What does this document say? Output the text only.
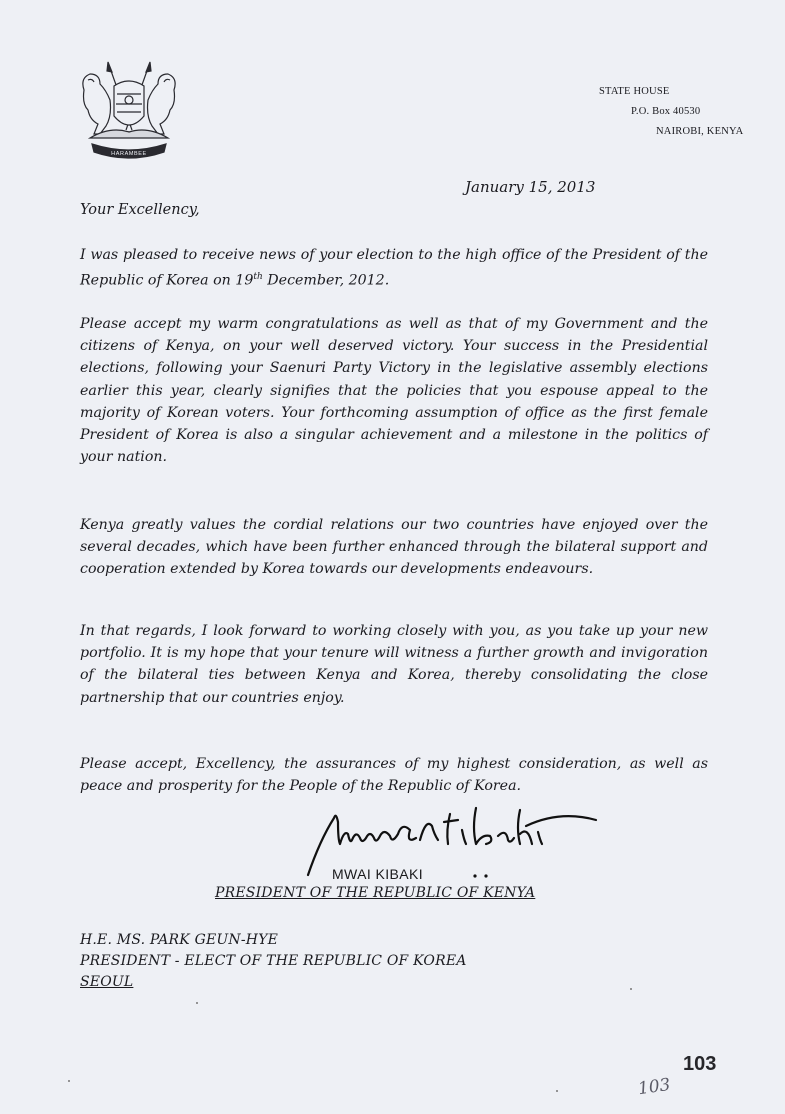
HARAMBEE
STATE HOUSE
P.O. Box 40530
NAIROBI, KENYA
January 15, 2013
Your Excellency,

I was pleased to receive news of your election to the high office of the President of the Republic of Korea on 19th December, 2012.

Please accept my warm congratulations as well as that of my Government and the citizens of Kenya, on your well deserved victory. Your success in the Presidential elections, following your Saenuri Party Victory in the legislative assembly elections earlier this year, clearly signifies that the policies that you espouse appeal to the majority of Korean voters. Your forthcoming assumption of office as the first female President of Korea is also a singular achievement and a milestone in the politics of your nation.

Kenya greatly values the cordial relations our two countries have enjoyed over the several decades, which have been further enhanced through the bilateral support and cooperation extended by Korea towards our developments endeavours.

In that regards, I look forward to working closely with you, as you take up your new portfolio. It is my hope that your tenure will witness a further growth and invigoration of the bilateral ties between Kenya and Korea, thereby consolidating the close partnership that our countries enjoy.

Please accept, Excellency, the assurances of my highest consideration, as well as peace and prosperity for the People of the Republic of Korea.

MWAI KIBAKI
PRESIDENT OF THE REPUBLIC OF KENYA
H.E. MS. PARK GEUN-HYE
PRESIDENT - ELECT OF THE REPUBLIC OF KOREA
SEOUL
103
103
